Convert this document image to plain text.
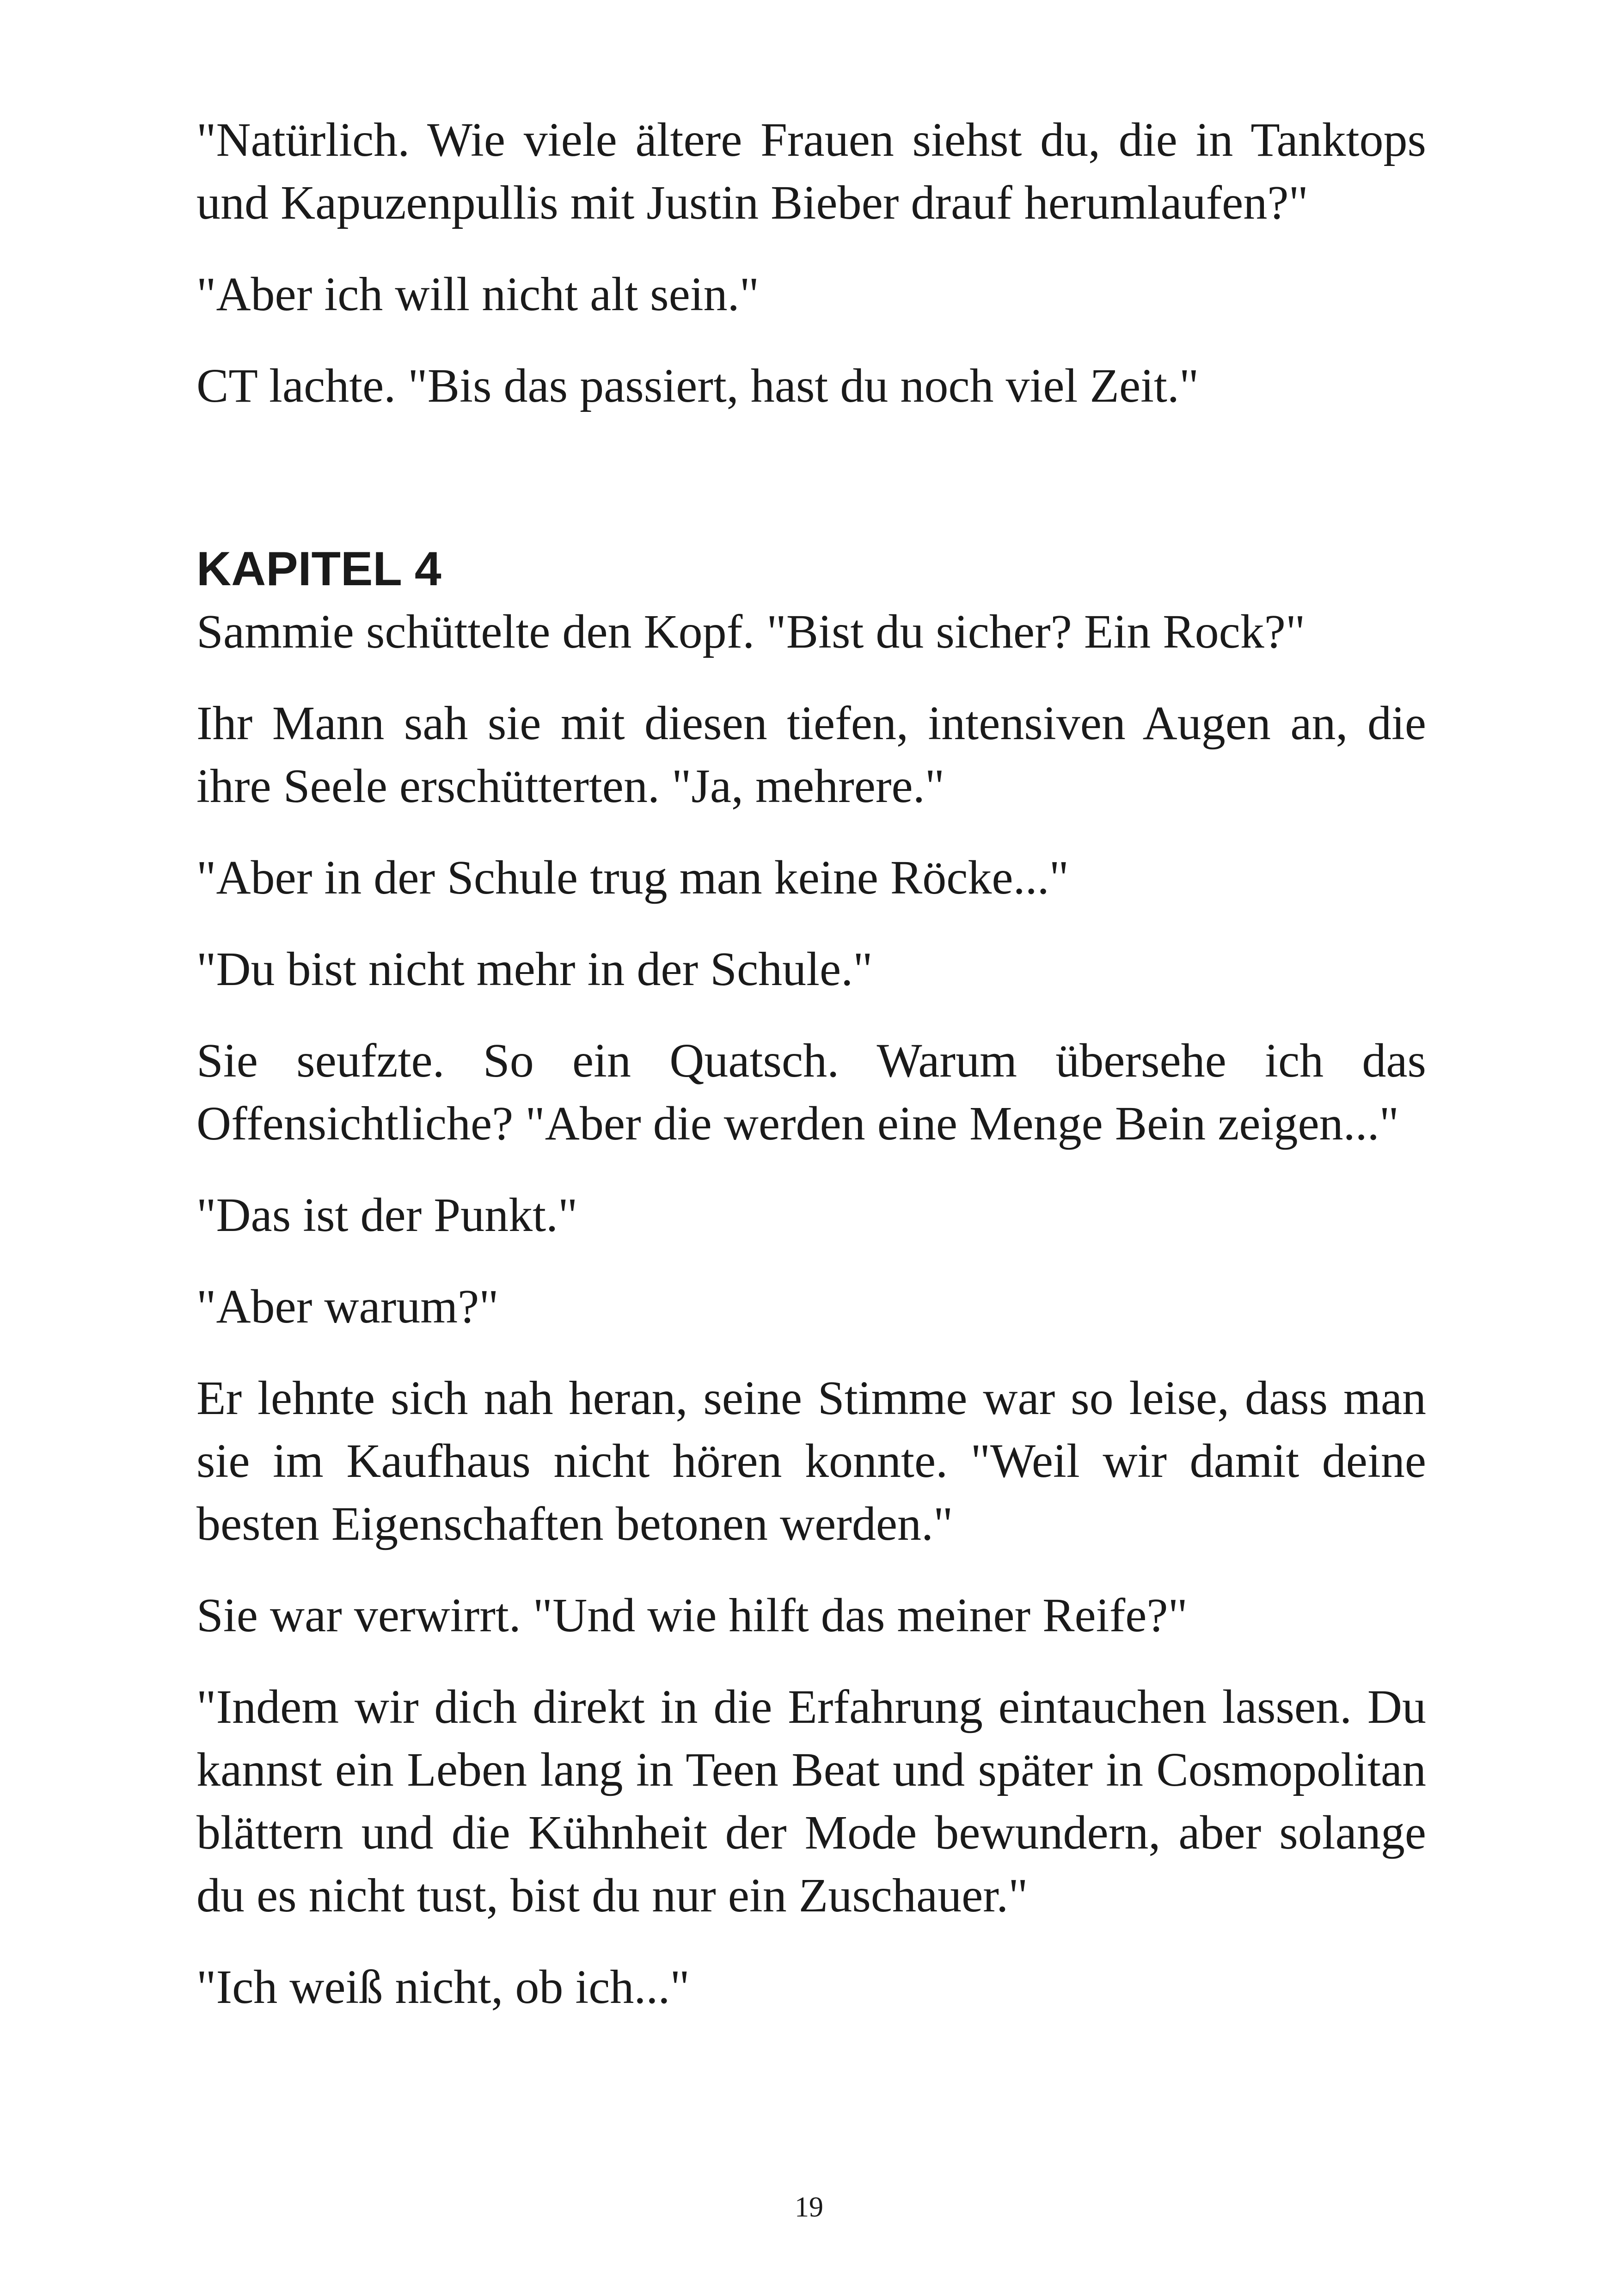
"Natürlich. Wie viele ältere Frauen siehst du, die in Tanktops und Kapuzenpullis mit Justin Bieber drauf herumlaufen?"

"Aber ich will nicht alt sein."

CT lachte. "Bis das passiert, hast du noch viel Zeit."

KAPITEL 4

Sammie schüttelte den Kopf. "Bist du sicher? Ein Rock?"

Ihr Mann sah sie mit diesen tiefen, intensiven Augen an, die ihre Seele erschütterten. "Ja, mehrere."

"Aber in der Schule trug man keine Röcke..."

"Du bist nicht mehr in der Schule."

Sie seufzte. So ein Quatsch. Warum übersehe ich das Offensichtliche? "Aber die werden eine Menge Bein zeigen..."

"Das ist der Punkt."

"Aber warum?"

Er lehnte sich nah heran, seine Stimme war so leise, dass man sie im Kaufhaus nicht hören konnte. "Weil wir damit deine besten Eigenschaften betonen werden."

Sie war verwirrt. "Und wie hilft das meiner Reife?"

"Indem wir dich direkt in die Erfahrung eintauchen lassen. Du kannst ein Leben lang in Teen Beat und später in Cosmopolitan blättern und die Kühnheit der Mode bewundern, aber solange du es nicht tust, bist du nur ein Zuschauer."

"Ich weiß nicht, ob ich..."

19
